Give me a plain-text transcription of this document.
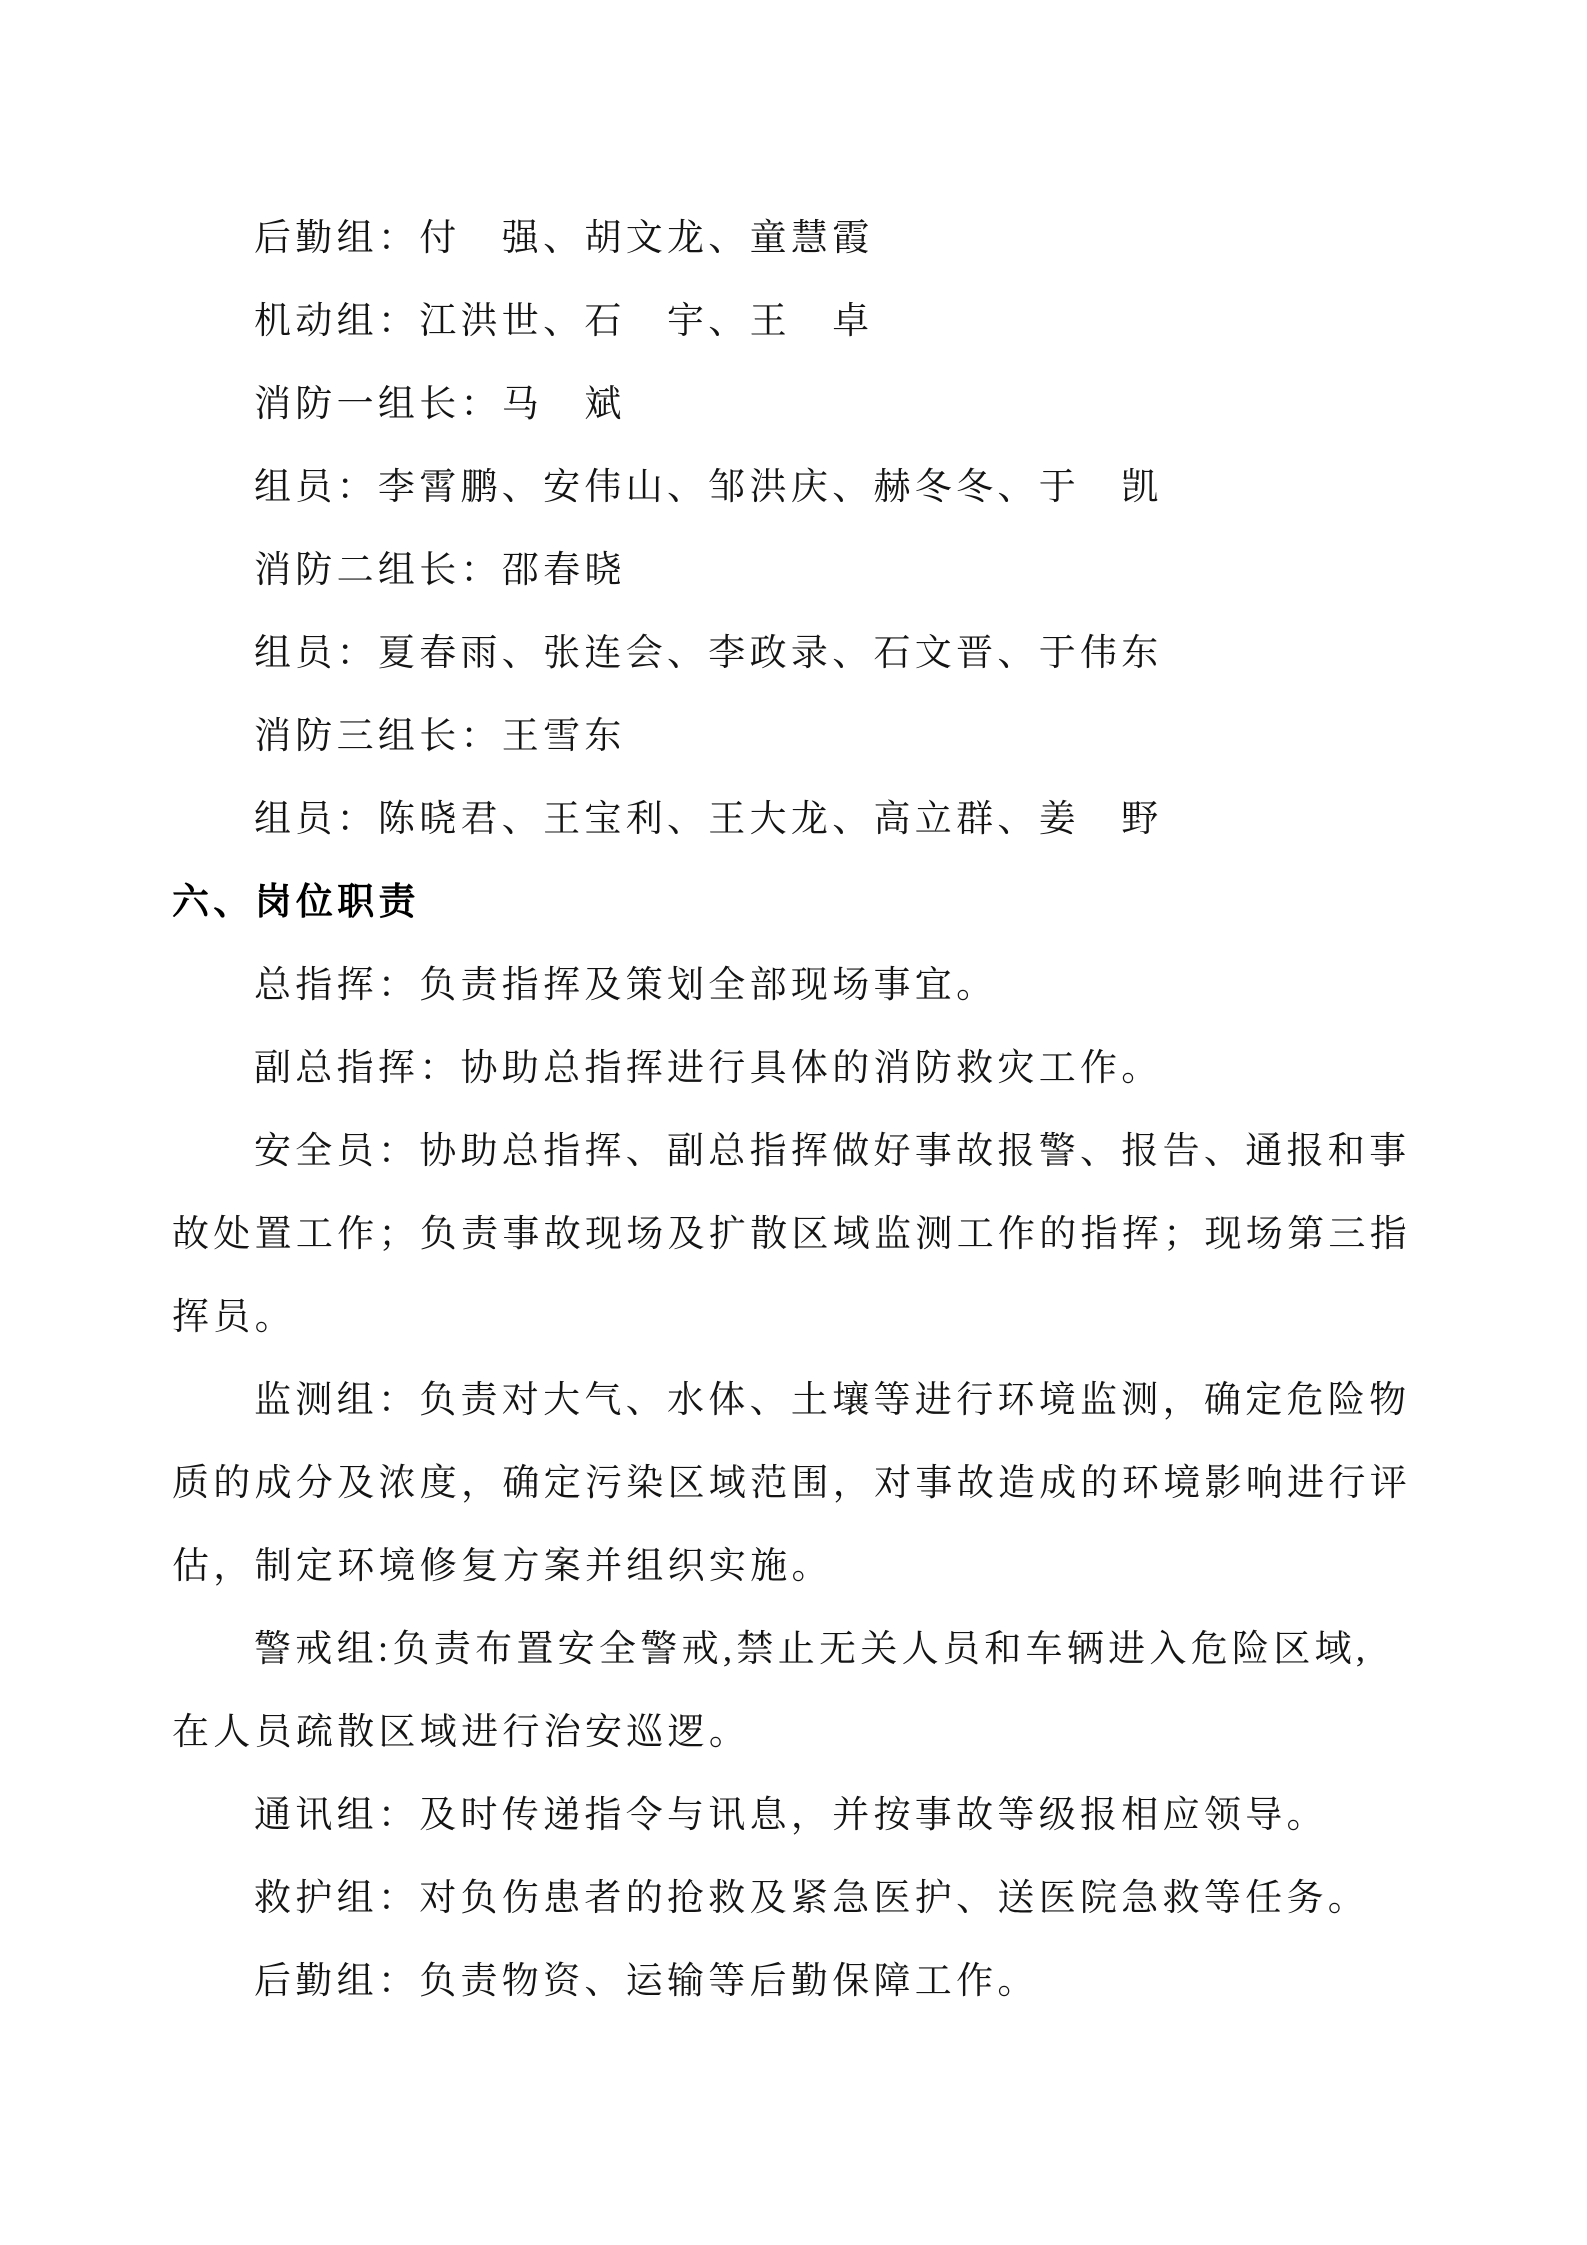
后勤组：付　强、胡文龙、童慧霞
机动组：江洪世、石　宇、王　卓
消防一组长：马　斌
组员：李霄鹏、安伟山、邹洪庆、赫冬冬、于　凯
消防二组长：邵春晓
组员：夏春雨、张连会、李政录、石文晋、于伟东
消防三组长：王雪东
组员：陈晓君、王宝利、王大龙、高立群、姜　野
六、岗位职责
总指挥：负责指挥及策划全部现场事宜。
副总指挥：协助总指挥进行具体的消防救灾工作。
安全员：协助总指挥、副总指挥做好事故报警、报告、通报和事
故处置工作；负责事故现场及扩散区域监测工作的指挥；现场第三指
挥员。
监测组：负责对大气、水体、土壤等进行环境监测，确定危险物
质的成分及浓度，确定污染区域范围，对事故造成的环境影响进行评
估，制定环境修复方案并组织实施。
警戒组:负责布置安全警戒,禁止无关人员和车辆进入危险区域,
在人员疏散区域进行治安巡逻。
通讯组：及时传递指令与讯息，并按事故等级报相应领导。
救护组：对负伤患者的抢救及紧急医护、送医院急救等任务。
后勤组：负责物资、运输等后勤保障工作。
